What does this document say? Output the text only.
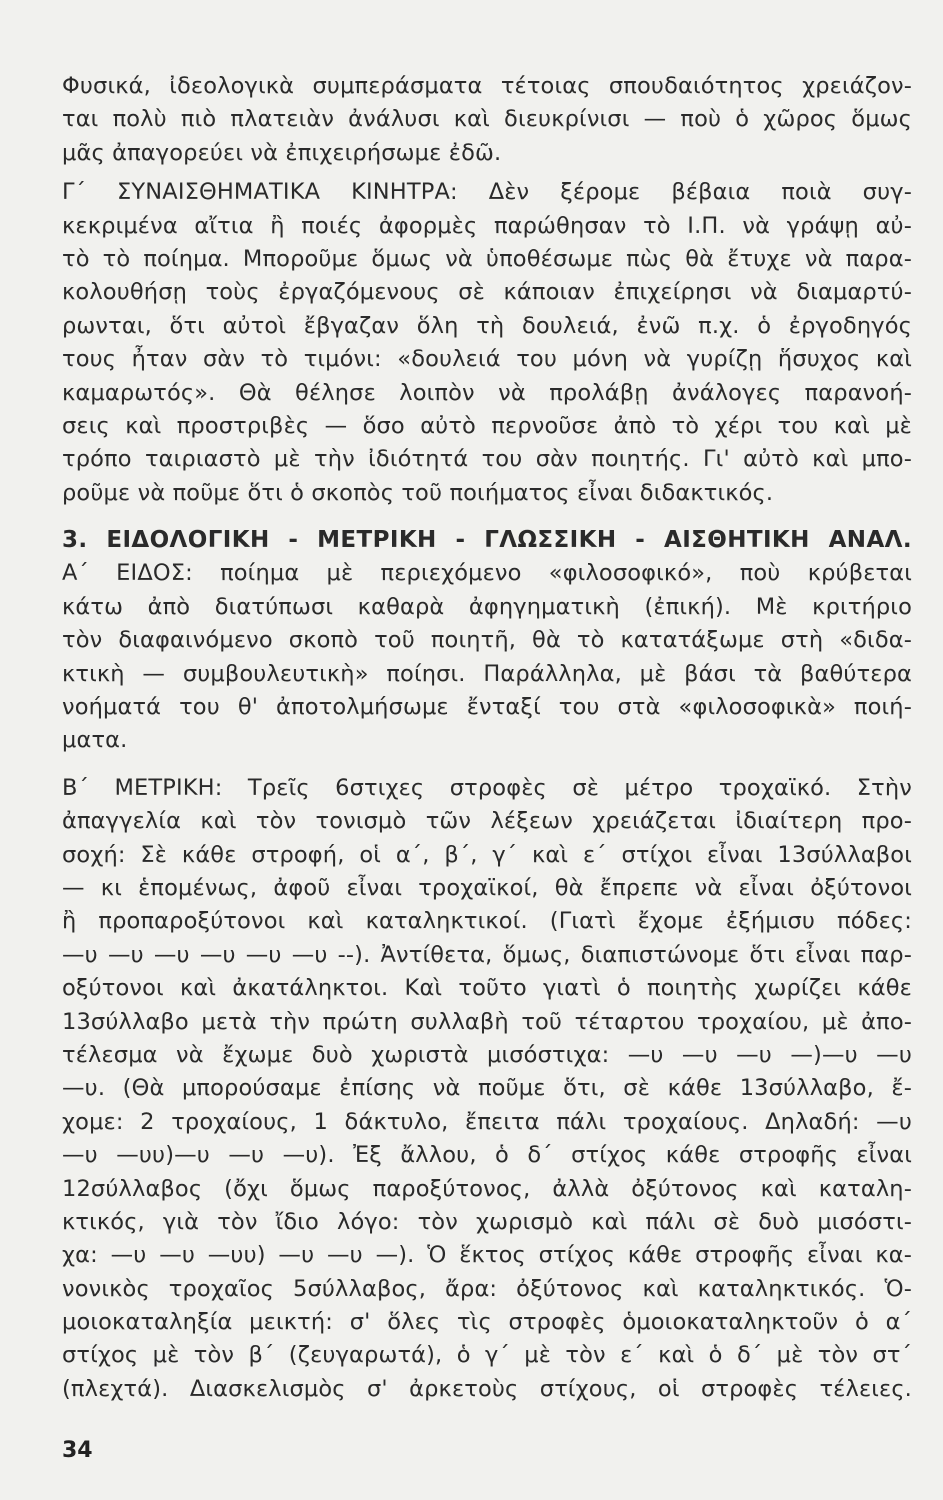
Φυσικά, ἰδεολογικὰ συμπεράσματα τέτοιας σπουδαιότητος χρειάζον-
ται πολὺ πιὸ πλατειὰν ἀνάλυσι καὶ διευκρίνισι — ποὺ ὁ χῶρος ὅμως
μᾶς ἀπαγορεύει νὰ ἐπιχειρήσωμε ἐδῶ.
Γ΄ ΣΥΝΑΙΣΘΗΜΑΤΙΚΑ ΚΙΝΗΤΡΑ: Δὲν ξέρομε βέβαια ποιὰ συγ-
κεκριμένα αἴτια ἢ ποιές ἀφορμὲς παρώθησαν τὸ Ι.Π. νὰ γράψῃ αὐ-
τὸ τὸ ποίημα. Μποροῦμε ὅμως νὰ ὑποθέσωμε πὼς θὰ ἔτυχε νὰ παρα-
κολουθήσῃ τοὺς ἐργαζόμενους σὲ κάποιαν ἐπιχείρησι νὰ διαμαρτύ-
ρωνται, ὅτι αὐτοὶ ἔβγαζαν ὅλη τὴ δουλειά, ἐνῶ π.χ. ὁ ἐργοδηγός
τους ἦταν σὰν τὸ τιμόνι: «δουλειά του μόνη νὰ γυρίζῃ ἥσυχος καὶ
καμαρωτός». Θὰ θέλησε λοιπὸν νὰ προλάβῃ ἀνάλογες παρανοή-
σεις καὶ προστριβὲς — ὅσο αὐτὸ περνοῦσε ἀπὸ τὸ χέρι του καὶ μὲ
τρόπο ταιριαστὸ μὲ τὴν ἰδιότητά του σὰν ποιητής. Γι' αὐτὸ καὶ μπο-
ροῦμε νὰ ποῦμε ὅτι ὁ σκοπὸς τοῦ ποιήματος εἶναι διδακτικός.
3. ΕΙΔΟΛΟΓΙΚΗ - ΜΕΤΡΙΚΗ - ΓΛΩΣΣΙΚΗ - ΑΙΣΘΗΤΙΚΗ ΑΝΑΛ.
Α΄ ΕΙΔΟΣ: ποίημα μὲ περιεχόμενο «φιλοσοφικό», ποὺ κρύβεται
κάτω ἀπὸ διατύπωσι καθαρὰ ἀφηγηματικὴ (ἐπική). Μὲ κριτήριο
τὸν διαφαινόμενο σκοπὸ τοῦ ποιητῆ, θὰ τὸ κατατάξωμε στὴ «διδα-
κτικὴ — συμβουλευτικὴ» ποίησι. Παράλληλα, μὲ βάσι τὰ βαθύτερα
νοήματά του θ' ἀποτολμήσωμε ἔνταξί του στὰ «φιλοσοφικὰ» ποιή-
ματα.
Β΄ ΜΕΤΡΙΚΗ: Τρεῖς 6στιχες στροφὲς σὲ μέτρο τροχαϊκό. Στὴν
ἀπαγγελία καὶ τὸν τονισμὸ τῶν λέξεων χρειάζεται ἰδιαίτερη προ-
σοχή: Σὲ κάθε στροφή, οἱ α΄, β΄, γ΄ καὶ ε΄ στίχοι εἶναι 13σύλλαβοι
— κι ἑπομένως, ἀφοῦ εἶναι τροχαϊκοί, θὰ ἔπρεπε νὰ εἶναι ὀξύτονοι
ἢ προπαροξύτονοι καὶ καταληκτικοί. (Γιατὶ ἔχομε ἐξήμισυ πόδες:
—υ —υ —υ —υ —υ —υ --). Ἀντίθετα, ὅμως, διαπιστώνομε ὅτι εἶναι παρ-
οξύτονοι καὶ ἀκατάληκτοι. Καὶ τοῦτο γιατὶ ὁ ποιητὴς χωρίζει κάθε
13σύλλαβο μετὰ τὴν πρώτη συλλαβὴ τοῦ τέταρτου τροχαίου, μὲ ἀπο-
τέλεσμα νὰ ἔχωμε δυὸ χωριστὰ μισόστιχα: —υ —υ —υ —)—υ —υ
—υ. (Θὰ μπορούσαμε ἐπίσης νὰ ποῦμε ὅτι, σὲ κάθε 13σύλλαβο, ἔ-
χομε: 2 τροχαίους, 1 δάκτυλο, ἔπειτα πάλι τροχαίους. Δηλαδή: —υ
—υ —υυ)—υ —υ —υ). Ἐξ ἄλλου, ὁ δ΄ στίχος κάθε στροφῆς εἶναι
12σύλλαβος (ὄχι ὅμως παροξύτονος, ἀλλὰ ὀξύτονος καὶ καταλη-
κτικός, γιὰ τὸν ἴδιο λόγο: τὸν χωρισμὸ καὶ πάλι σὲ δυὸ μισόστι-
χα: —υ —υ —υυ) —υ —υ —). Ὁ ἕκτος στίχος κάθε στροφῆς εἶναι κα-
νονικὸς τροχαῖος 5σύλλαβος, ἄρα: ὀξύτονος καὶ καταληκτικός. Ὁ-
μοιοκαταληξία μεικτή: σ' ὅλες τὶς στροφὲς ὁμοιοκαταληκτοῦν ὁ α΄
στίχος μὲ τὸν β΄ (ζευγαρωτά), ὁ γ΄ μὲ τὸν ε΄ καὶ ὁ δ΄ μὲ τὸν στ΄
(πλεχτά). Διασκελισμὸς σ' ἀρκετοὺς στίχους, οἱ στροφὲς τέλειες.
34
